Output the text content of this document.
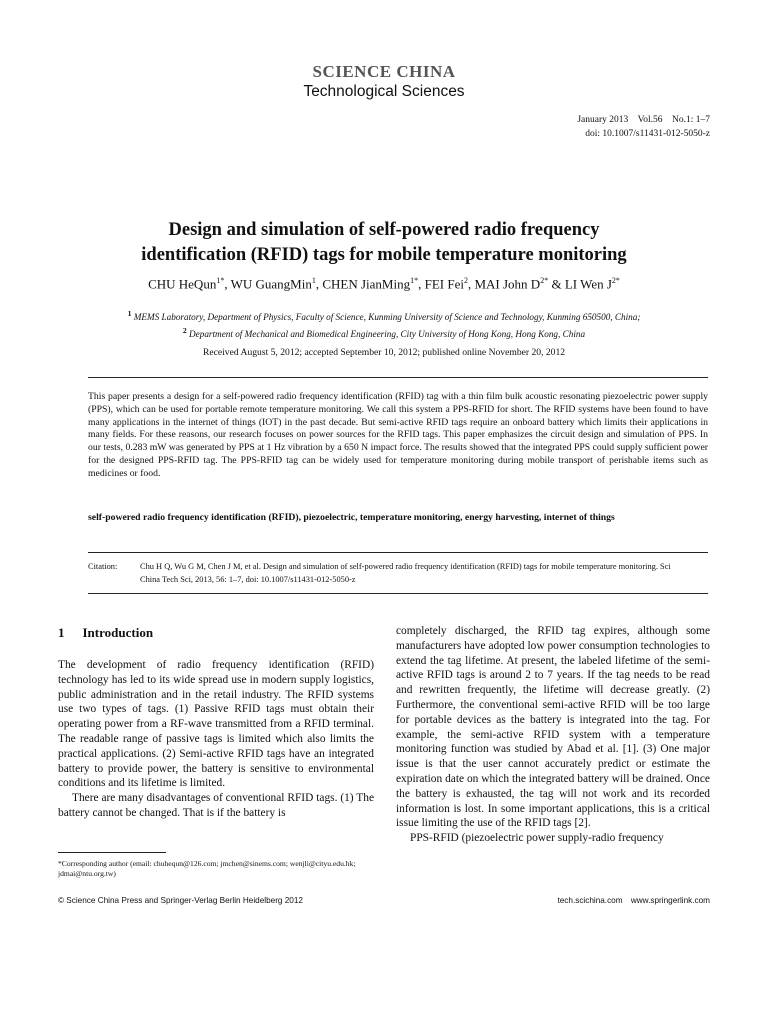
SCIENCE CHINA
Technological Sciences
January 2013    Vol.56    No.1: 1–7
doi: 10.1007/s11431-012-5050-z
Design and simulation of self-powered radio frequency
identification (RFID) tags for mobile temperature monitoring
CHU HeQun$^{1*}$, WU GuangMin$^1$, CHEN JianMing$^{1*}$, FEI Fei$^2$, MAI John $D^{2*}$ & LI Wen $J^{2*}$
$^1$ MEMS Laboratory, Department of Physics, Faculty of Science, Kunming University of Science and Technology, Kunming 650500, China;
$^2$ Department of Mechanical and Biomedical Engineering, City University of Hong Kong, Hong Kong, China
Received August 5, 2012; accepted September 10, 2012; published online November 20, 2012
This paper presents a design for a self-powered radio frequency identification (RFID) tag with a thin film bulk acoustic resonating piezoelectric power supply (PPS), which can be used for portable remote temperature monitoring. We call this system a PPS-RFID for short. The RFID systems have been found to have many applications in the internet of things (IOT) in the past decade. But semi-active RFID tags require an onboard battery which limits their applications in many fields. For these reasons, our research focuses on power sources for the RFID tags. This paper emphasizes the circuit design and simulation of PPS. In our tests, 0.283 mW was generated by PPS at 1 Hz vibration by a 650 N impact force. The results showed that the integrated PPS could supply sufficient power for the designed PPS-RFID tag. The PPS-RFID tag can be widely used for temperature monitoring during mobile transport of perishable items such as medicines or food.
self-powered radio frequency identification (RFID), piezoelectric, temperature monitoring, energy harvesting, internet of things
Citation:	Chu H Q, Wu G M, Chen J M, et al. Design and simulation of self-powered radio frequency identification (RFID) tags for mobile temperature monitoring. Sci China Tech Sci, 2013, 56: 1–7, doi: 10.1007/s11431-012-5050-z
1 Introduction

The development of radio frequency identification (RFID) technology has led to its wide spread use in modern supply logistics, public administration and in the retail industry. The RFID systems use two types of tags. (1) Passive RFID tags must obtain their operating power from a RF-wave transmitted from a RFID terminal. The readable range of passive tags is limited which also limits the practical applications. (2) Semi-active RFID tags have an integrated battery to provide power, the battery is sensitive to environmental conditions and its lifetime is limited.

There are many disadvantages of conventional RFID tags. (1) The battery cannot be changed. That is if the battery is

completely discharged, the RFID tag expires, although some manufacturers have adopted low power consumption technologies to extend the tag lifetime. At present, the labeled lifetime of the semi-active RFID tags is around 2 to 7 years. If the tag needs to be read and rewritten frequently, the lifetime will decrease greatly. (2) Furthermore, the conventional semi-active RFID will be too large for portable devices as the battery is integrated into the tag. For example, the semi-active RFID system with a temperature monitoring function was studied by Abad et al. [1]. (3) One major issue is that the user cannot accurately predict or estimate the expiration date on which the integrated battery will be drained. Once the battery is exhausted, the tag will not work and its recorded information is lost. In some important applications, this is a critical issue limiting the use of the RFID tags [2].

PPS-RFID (piezoelectric power supply-radio frequency

*Corresponding author (email: chuhequn@126.com; jmchen@sinems.com; wenjli@cityu.edu.hk; jdmai@ntu.org.tw)
© Science China Press and Springer-Verlag Berlin Heidelberg 2012	tech.scichina.com www.springerlink.com
